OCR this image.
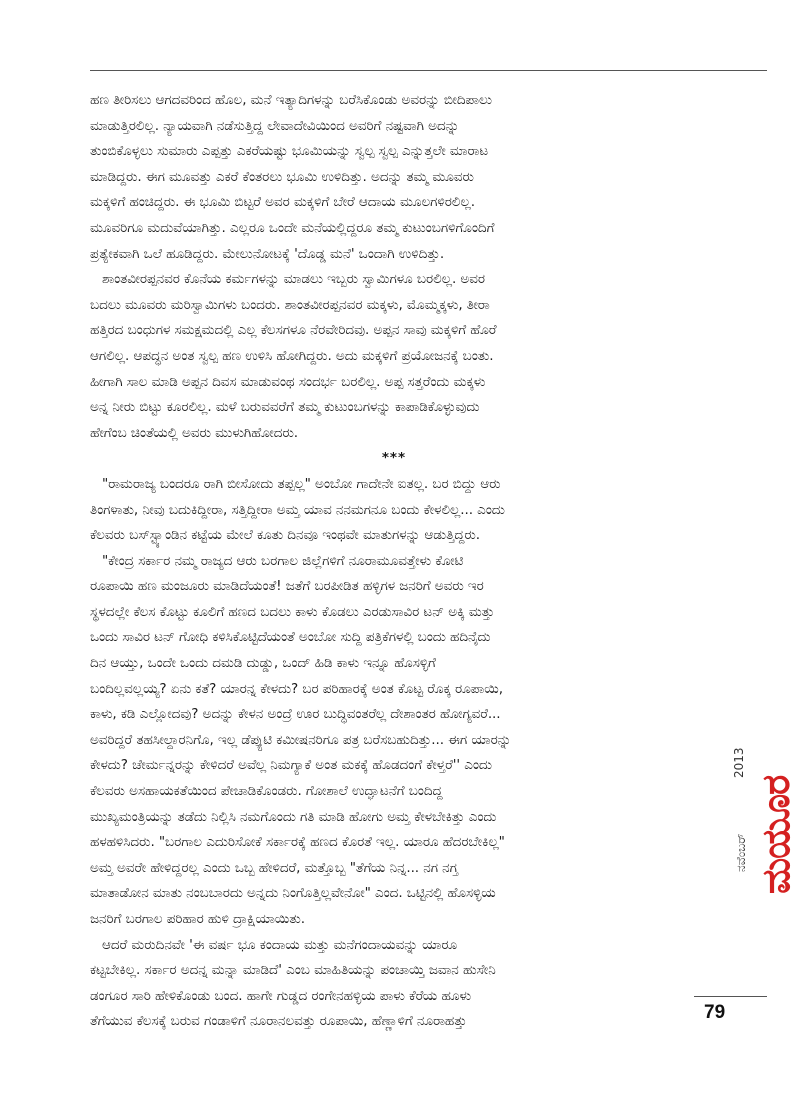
ಹಣ ತೀರಿಸಲು ಆಗದವರಿಂದ ಹೊಲ, ಮನೆ ಇತ್ಯಾದಿಗಳನ್ನು ಬರೆಸಿಕೊಂಡು ಅವರನ್ನು ಬೀದಿಪಾಲು
ಮಾಡುತ್ತಿರಲಿಲ್ಲ. ನ್ಯಾಯವಾಗಿ ನಡೆಸುತ್ತಿದ್ದ ಲೇವಾದೇವಿಯಿಂದ ಅವರಿಗೆ ನಷ್ಟವಾಗಿ ಅದನ್ನು
ತುಂಬಿಕೊಳ್ಳಲು ಸುಮಾರು ಎಪ್ಪತ್ತು ಎಕರೆಯಷ್ಟು ಭೂಮಿಯನ್ನು ಸ್ವಲ್ಪ ಸ್ವಲ್ಪ ಎನ್ನುತ್ತಲೇ ಮಾರಾಟ
ಮಾಡಿದ್ದರು. ಈಗ ಮೂವತ್ತು ಎಕರೆ ಕೆಂತರಲು ಭೂಮಿ ಉಳಿದಿತ್ತು. ಅದನ್ನು ತಮ್ಮ ಮೂವರು
ಮಕ್ಕಳಿಗೆ ಹಂಚಿದ್ದರು. ಈ ಭೂಮಿ ಬಿಟ್ಟರೆ ಅವರ ಮಕ್ಕಳಿಗೆ ಬೇರೆ ಆದಾಯ ಮೂಲಗಳಿರಲಿಲ್ಲ.
ಮೂವರಿಗೂ ಮದುವೆಯಾಗಿತ್ತು. ಎಲ್ಲರೂ ಒಂದೇ ಮನೆಯಲ್ಲಿದ್ದರೂ ತಮ್ಮ ಕುಟುಂಬಗಳಿಗೊಂದಿಗೆ
ಪ್ರತ್ಯೇಕವಾಗಿ ಒಲೆ ಹೂಡಿದ್ದರು. ಮೇಲುನೋಟಕ್ಕೆ 'ದೊಡ್ಡ ಮನೆ' ಒಂದಾಗಿ ಉಳಿದಿತ್ತು.
ಶಾಂತವೀರಪ್ಪನವರ ಕೊನೆಯ ಕರ್ಮಗಳನ್ನು ಮಾಡಲು ಇಬ್ಬರು ಸ್ವಾಮಿಗಳೂ ಬರಲಿಲ್ಲ. ಅವರ
ಬದಲು ಮೂವರು ಮರಿಸ್ವಾಮಿಗಳು ಬಂದರು. ಶಾಂತವೀರಪ್ಪನವರ ಮಕ್ಕಳು, ಮೊಮ್ಮಕ್ಕಳು, ತೀರಾ
ಹತ್ತಿರದ ಬಂಧುಗಳ ಸಮಕ್ಷಮದಲ್ಲಿ ಎಲ್ಲ ಕೆಲಸಗಳೂ ನೆರವೇರಿದವು. ಅಪ್ಪನ ಸಾವು ಮಕ್ಕಳಿಗೆ ಹೊರೆ
ಆಗಲಿಲ್ಲ. ಆಪದ್ಧನ ಅಂತ ಸ್ವಲ್ಪ ಹಣ ಉಳಿಸಿ ಹೋಗಿದ್ದರು. ಅದು ಮಕ್ಕಳಿಗೆ ಪ್ರಯೋಜನಕ್ಕೆ ಬಂತು.
ಹೀಗಾಗಿ ಸಾಲ ಮಾಡಿ ಅಪ್ಪನ ದಿವಸ ಮಾಡುವಂಥ ಸಂದರ್ಭ ಬರಲಿಲ್ಲ. ಅಪ್ಪ ಸತ್ತರೆಂದು ಮಕ್ಕಳು
ಅನ್ನ ನೀರು ಬಿಟ್ಟು ಕೂರಲಿಲ್ಲ. ಮಳೆ ಬರುವವರೆಗೆ ತಮ್ಮ ಕುಟುಂಬಗಳನ್ನು ಕಾಪಾಡಿಕೊಳ್ಳುವುದು
ಹೇಗೆಂಬ ಚಿಂತೆಯಲ್ಲಿ ಅವರು ಮುಳುಗಿಹೋದರು.
***
"ರಾಮರಾಜ್ಯ ಬಂದರೂ ರಾಗಿ ಬೀಸೋದು ತಪ್ಪಲ್ಲ" ಅಂಬೋ ಗಾದೇನೇ ಐತಲ್ಲ. ಬರ ಬಿದ್ದು ಆರು
ತಿಂಗಳಾತು, ನೀವು ಬದುಕಿದ್ದೀರಾ, ಸತ್ತಿದ್ದೀರಾ ಅಮ್ತ ಯಾವ ನನಮಗನೂ ಬಂದು ಕೇಳಲಿಲ್ಲ... ಎಂದು
ಕೆಲವರು ಬಸ್‌ಸ್ಟ್ಯಾಂಡಿನ ಕಟ್ಟೆಯ ಮೇಲೆ ಕೂತು ದಿನವೂ ಇಂಥವೇ ಮಾತುಗಳನ್ನು ಆಡುತ್ತಿದ್ದರು.
"ಕೇಂದ್ರ ಸರ್ಕಾರ ನಮ್ಮ ರಾಜ್ಯದ ಆರು ಬರಗಾಲ ಜಿಲ್ಲೆಗಳಿಗೆ ನೂರಾಮೂವತ್ತೇಳು ಕೋಟಿ
ರೂಪಾಯಿ ಹಣ ಮಂಜೂರು ಮಾಡಿದೆಯಂತೆ! ಜತೆಗೆ ಬರಪೀಡಿತ ಹಳ್ಳಿಗಳ ಜನರಿಗೆ ಅವರು ಇರ
ಸ್ಥಳದಲ್ಲೇ ಕೆಲಸ ಕೊಟ್ಟು ಕೂಲಿಗೆ ಹಣದ ಬದಲು ಕಾಳು ಕೊಡಲು ಎರಡುಸಾವಿರ ಟನ್ ಅಕ್ಕಿ ಮತ್ತು
ಒಂದು ಸಾವಿರ ಟನ್ ಗೋಧಿ ಕಳಿಸಿಕೊಟ್ಟಿದೆಯಂತೆ ಅಂಬೋ ಸುದ್ದಿ ಪತ್ರಿಕೆಗಳಲ್ಲಿ ಬಂದು ಹದಿನೈದು
ದಿನ ಆಯ್ತು, ಒಂದೇ ಒಂದು ದಮಡಿ ದುಡ್ಡು, ಒಂದ್ ಹಿಡಿ ಕಾಳು ಇನ್ನೂ ಹೊಸಳ್ಳಿಗೆ
ಬಂದಿಲ್ಲವಲ್ಲಯ್ಯ? ಏನು ಕತೆ? ಯಾರನ್ನ ಕೇಳದು? ಬರ ಪರಿಹಾರಕ್ಕೆ ಅಂತ ಕೊಟ್ಟ ರೊಕ್ಕ ರೂಪಾಯಿ,
ಕಾಳು, ಕಡಿ ಎಲ್ಲೋದವು? ಅದನ್ನು ಕೇಳನ ಅಂದ್ರೆ ಊರ ಬುದ್ಧಿವಂತರೆಲ್ಲ ದೇಶಾಂತರ ಹೋಗ್ಯವರೆ...
ಅವರಿದ್ದರೆ ತಹಸೀಲ್ದಾರನಿಗೊ, ಇಲ್ಲ ಡೆಪ್ಯುಟಿ ಕಮೀಷನರಿಗೂ ಪತ್ರ ಬರೆಸಬಹುದಿತ್ತು... ಈಗ ಯಾರನ್ನು
ಕೇಳದು? ಚೇರ್ಮನ್ನರನ್ನು ಕೇಳಿದರೆ ಅವೆಲ್ಲ ನಿಮಗ್ಯಾಕೆ ಅಂತ ಮಕಕ್ಕೆ ಹೊಡದಂಗೆ ಕೇಳ್ತರೆ'' ಎಂದು
ಕೆಲವರು ಅಸಹಾಯಕತೆಯಿಂದ ಪೇಚಾಡಿಕೊಂಡರು. ಗೋಶಾಲೆ ಉದ್ಘಾಟನೆಗೆ ಬಂದಿದ್ದ
ಮುಖ್ಯಮಂತ್ರಿಯನ್ನು ತಡೆದು ನಿಲ್ಲಿಸಿ ನಮಗೊಂದು ಗತಿ ಮಾಡಿ ಹೋಗು ಅಮ್ತ ಕೇಳಬೇಕಿತ್ತು ಎಂದು
ಹಳಹಳಿಸಿದರು. "ಬರಗಾಲ ಎದುರಿಸೋಕೆ ಸರ್ಕಾರಕ್ಕೆ ಹಣದ ಕೊರತೆ ಇಲ್ಲ. ಯಾರೂ ಹೆದರಬೇಕಿಲ್ಲ"
ಅಮ್ತ ಅವರೇ ಹೇಳಿದ್ದರಲ್ಲ ಎಂದು ಒಬ್ಬ ಹೇಳಿದರೆ, ಮತ್ತೊಬ್ಬ "ತೆಗೆಯ ನಿನ್ನ... ನಗ ನಗ್ತ
ಮಾತಾಡೋನ ಮಾತು ನಂಬಬಾರದು ಅನ್ನದು ನಿಂಗೊತ್ತಿಲ್ಲವೇನೋ" ಎಂದ. ಒಟ್ಟಿನಲ್ಲಿ ಹೊಸಳ್ಳಿಯ
ಜನರಿಗೆ ಬರಗಾಲ ಪರಿಹಾರ ಹುಳಿ ದ್ರಾಕ್ಷಿಯಾಯಿತು.
ಆದರೆ ಮರುದಿನವೇ 'ಈ ವರ್ಷ ಭೂ ಕಂದಾಯ ಮತ್ತು ಮನೆಗಂದಾಯವನ್ನು ಯಾರೂ
ಕಟ್ಟಬೇಕಿಲ್ಲ. ಸರ್ಕಾರ ಅದನ್ನ ಮನ್ನಾ ಮಾಡಿದೆ' ಎಂಬ ಮಾಹಿತಿಯನ್ನು ಪಂಚಾಯ್ತಿ ಜವಾನ ಹುಸೇನಿ
ಡಂಗೂರ ಸಾರಿ ಹೇಳಿಕೊಂಡು ಬಂದ. ಹಾಗೇ ಗುಡ್ಡದ ರಂಗೇನಹಳ್ಳಿಯ ಪಾಳು ಕೆರೆಯ ಹೂಳು
ತೆಗೆಯುವ ಕೆಲಸಕ್ಕೆ ಬರುವ ಗಂಡಾಳಿಗೆ ನೂರಾನಲವತ್ತು ರೂಪಾಯಿ, ಹೆಣ್ಣಾಳಿಗೆ ನೂರಾಹತ್ತು
2013
ನವೆಂಬರ್ ಮಯೂರ
79
